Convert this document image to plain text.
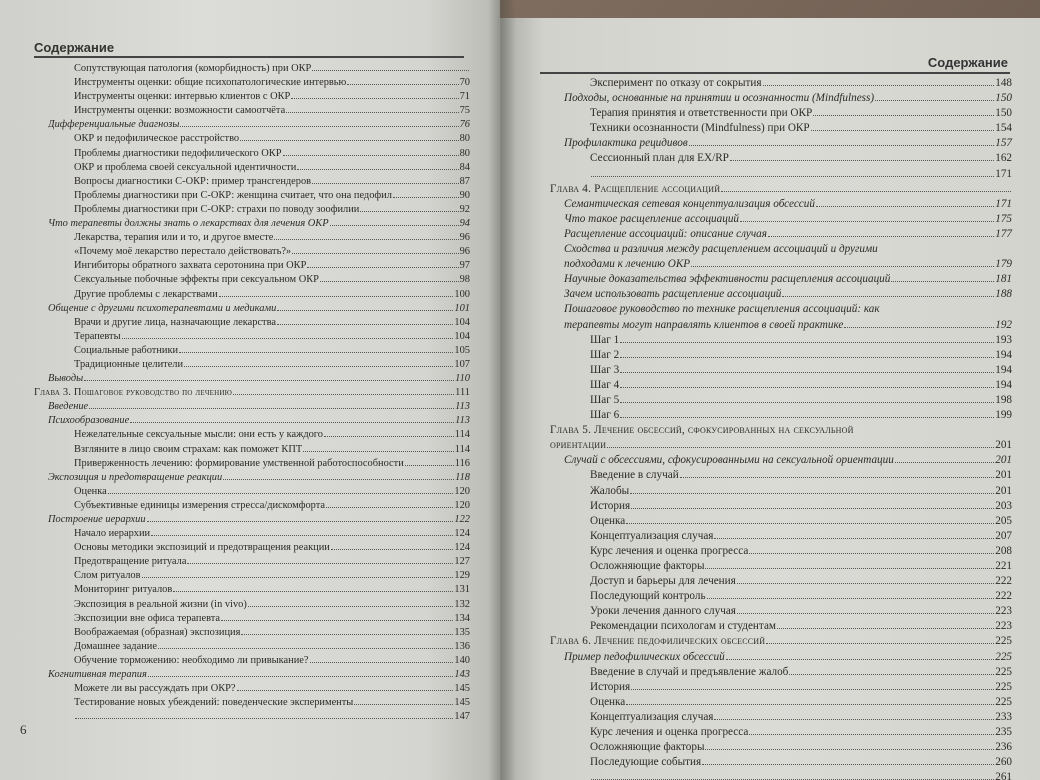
Содержание
Сопутствующая патология (коморбидность) при ОКР
Инструменты оценки: общие психопатологические интервью	70
Инструменты оценки: интервью клиентов с ОКР	71
Инструменты оценки: возможности самоотчёта	75
Дифференциальные диагнозы	76
ОКР и педофилическое расстройство	80
Проблемы диагностики педофилического ОКР	80
ОКР и проблема своей сексуальной идентичности	84
Вопросы диагностики С-ОКР: пример трансгендеров	87
Проблемы диагностики при С-ОКР: женщина считает, что она педофил	90
Проблемы диагностики при С-ОКР: страхи по поводу зоофилии	92
Что терапевты должны знать о лекарствах для лечения ОКР	94
Лекарства, терапия или и то, и другое вместе	96
«Почему моё лекарство перестало действовать?»	96
Ингибиторы обратного захвата серотонина при ОКР	97
Сексуальные побочные эффекты при сексуальном ОКР	98
Другие проблемы с лекарствами	100
Общение с другими психотерапевтами и медиками	101
Врачи и другие лица, назначающие лекарства	104
Терапевты	104
Социальные работники	105
Традиционные целители	107
Выводы	110
Глава 3. Пошаговое руководство по лечению	111
Введение	113
Психообразование	113
Нежелательные сексуальные мысли: они есть у каждого	114
Взгляните в лицо своим страхам: как поможет КПТ	114
Приверженность лечению: формирование умственной работоспособности	116
Экспозиция и предотвращение реакции	118
Оценка	120
Субъективные единицы измерения стресса/дискомфорта	120
Построение иерархии	122
Начало иерархии	124
Основы методики экспозиций и предотвращения реакции	124
Предотвращение ритуала	127
Слом ритуалов	129
Мониторинг ритуалов	131
Экспозиция в реальной жизни (in vivo)	132
Экспозиции вне офиса терапевта	134
Воображаемая (образная) экспозиция	135
Домашнее задание	136
Обучение торможению: необходимо ли привыкание?	140
Когнитивная терапия	143
Можете ли вы рассуждать при ОКР?	145
Тестирование новых убеждений: поведенческие эксперименты	145
147
6
Содержание
Эксперимент по отказу от сокрытия	148
Подходы, основанные на принятии и осознанности (Mindfulness)	150
Терапия принятия и ответственности при ОКР	150
Техники осознанности (Mindfulness) при ОКР	154
Профилактика рецидивов	157
Сессионный план для EX/RP	162
171
Глава 4. Расщепление ассоциаций
Семантическая сетевая концептуализация обсессий	171
Что такое расщепление ассоциаций	175
Расщепление ассоциаций: описание случая	177
Сходства и различия между расщеплением ассоциаций и другими
подходами к лечению ОКР	179
Научные доказательства эффективности расщепления ассоциаций	181
Зачем использовать расщепление ассоциаций	188
Пошаговое руководство по технике расщепления ассоциаций: как
терапевты могут направлять клиентов в своей практике	192
Шаг 1	193
Шаг 2	194
Шаг 3	194
Шаг 4	194
Шаг 5	198
Шаг 6	199
Глава 5. Лечение обсессий, сфокусированных на сексуальной
ориентации	201
Случай с обсессиями, сфокусированными на сексуальной ориентации	201
Введение в случай	201
Жалобы	201
История	203
Оценка	205
Концептуализация случая	207
Курс лечения и оценка прогресса	208
Осложняющие факторы	221
Доступ и барьеры для лечения	222
Последующий контроль	222
Уроки лечения данного случая	223
Рекомендации психологам и студентам	223
Глава 6. Лечение педофилических обсессий	225
Пример педофилических обсессий	225
Введение в случай и предъявление жалоб	225
История	225
Оценка	225
Концептуализация случая	233
Курс лечения и оценка прогресса	235
Осложняющие факторы	236
Последующие события	260
261
